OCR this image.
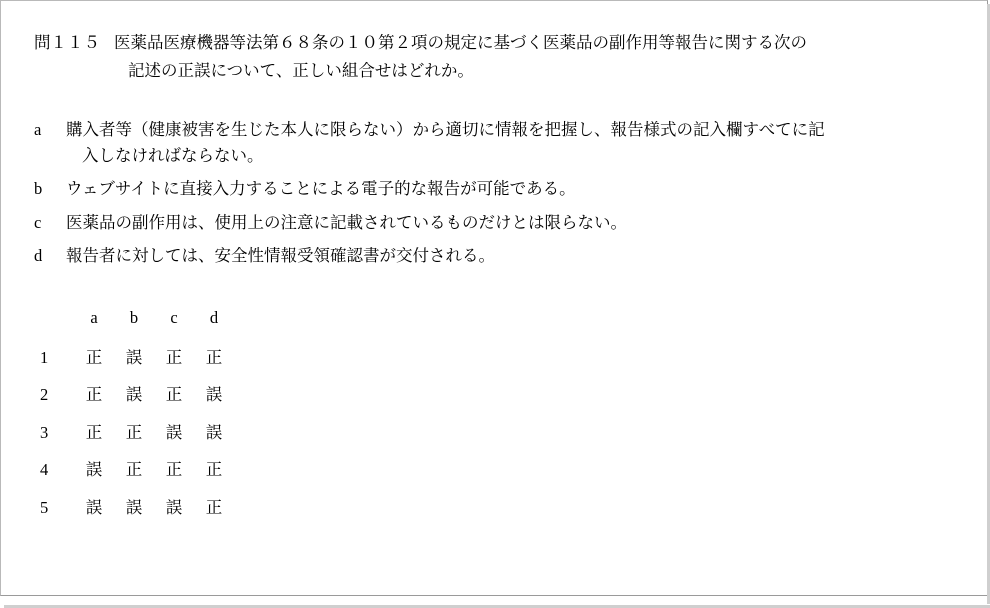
問１１５ 医薬品医療機器等法第６８条の１０第２項の規定に基づく医薬品の副作用等報告に関する次の
記述の正誤について、正しい組合せはどれか。
a	購入者等（健康被害を生じた本人に限らない）から適切に情報を把握し、報告様式の記入欄すべてに記
入しなければならない。
b	ウェブサイトに直接入力することによる電子的な報告が可能である。
c	医薬品の副作用は、使用上の注意に記載されているものだけとは限らない。
d	報告者に対しては、安全性情報受領確認書が交付される。
	a	b	c	d
1	正	誤	正	正
2	正	誤	正	誤
3	正	正	誤	誤
4	誤	正	正	正
5	誤	誤	誤	正
